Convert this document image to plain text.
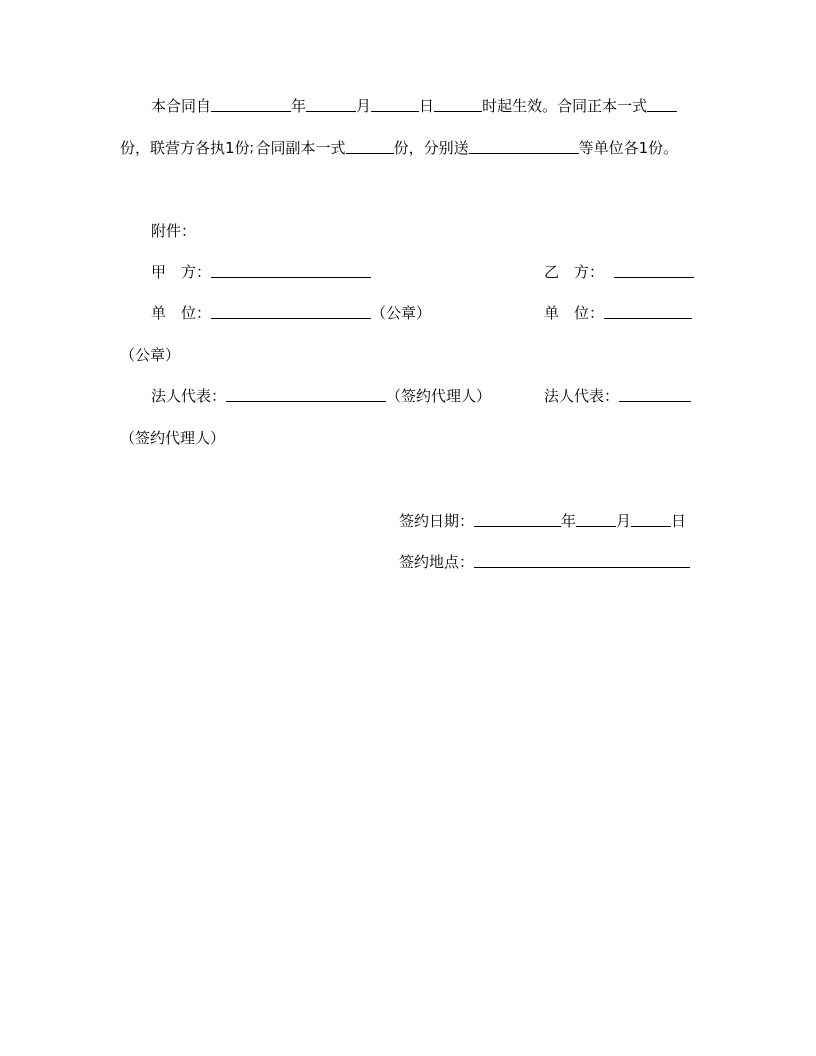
本合同自	年	月	日	时起生效。合同正本一式
份，联营方各执1份; 合同副本一式	份，分别送	等单位各1份。
附件：
甲　方：	乙　方：
单　位：	（公章）	单　位：
（公章）
法人代表：	（签约代理人）	法人代表：
（签约代理人）
签约日期：	年	月	日
签约地点：
